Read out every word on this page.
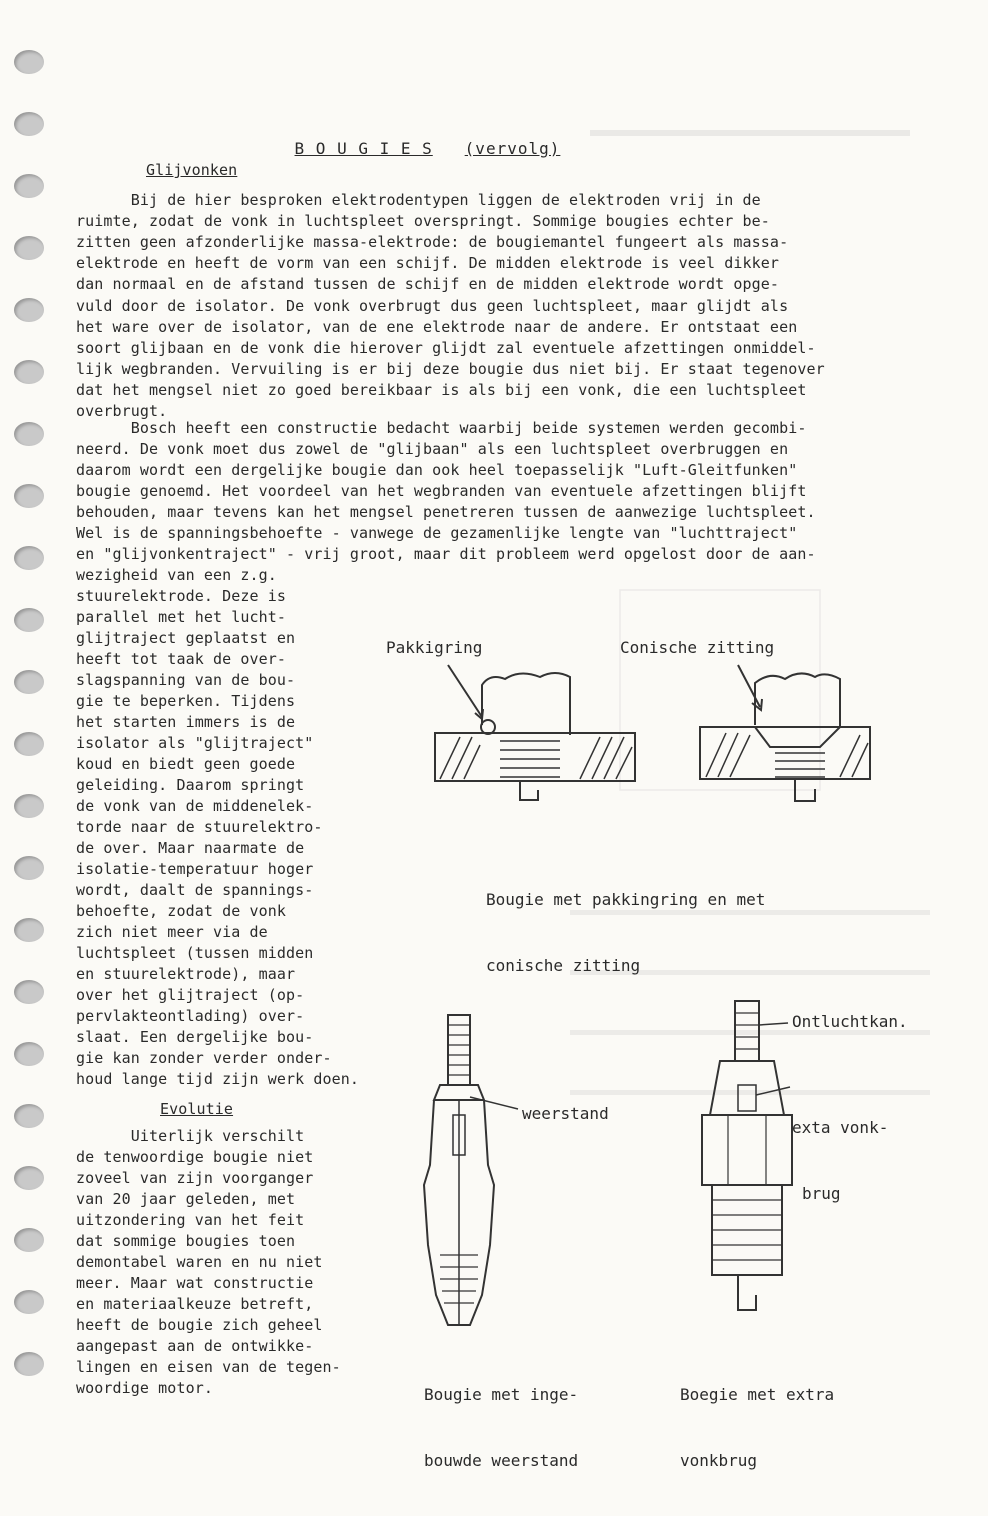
B O U G I E S (vervolg)

Glijvonken
Bij de hier besproken elektrodentypen liggen de elektroden vrij in de
ruimte, zodat de vonk in luchtspleet overspringt. Sommige bougies echter be-
zitten geen afzonderlijke massa-elektrode: de bougiemantel fungeert als massa-
elektrode en heeft de vorm van een schijf. De midden elektrode is veel dikker
dan normaal en de afstand tussen de schijf en de midden elektrode wordt opge-
vuld door de isolator. De vonk overbrugt dus geen luchtspleet, maar glijdt als
het ware over de isolator, van de ene elektrode naar de andere. Er ontstaat een
soort glijbaan en de vonk die hierover glijdt zal eventuele afzettingen onmiddel-
lijk wegbranden. Vervuiling is er bij deze bougie dus niet bij. Er staat tegenover
dat het mengsel niet zo goed bereikbaar is als bij een vonk, die een luchtspleet
overbrugt.
Bosch heeft een constructie bedacht waarbij beide systemen werden gecombi-
neerd. De vonk moet dus zowel de "glijbaan" als een luchtspleet overbruggen en
daarom wordt een dergelijke bougie dan ook heel toepasselijk "Luft-Gleitfunken"
bougie genoemd. Het voordeel van het wegbranden van eventuele afzettingen blijft
behouden, maar tevens kan het mengsel penetreren tussen de aanwezige luchtspleet.
Wel is de spanningsbehoefte - vanwege de gezamenlijke lengte van "luchttraject"
en "glijvonkentraject" - vrij groot, maar dit probleem werd opgelost door de aan-
wezigheid van een z.g.
stuurelektrode. Deze is
parallel met het lucht-
glijtraject geplaatst en
heeft tot taak de over-
slagspanning van de bou-
gie te beperken. Tijdens
het starten immers is de
isolator als "glijtraject"
koud en biedt geen goede
geleiding. Daarom springt
de vonk van de middenelek-
torde naar de stuurelektro-
de over. Maar naarmate de
isolatie-temperatuur hoger
wordt, daalt de spannings-
behoefte, zodat de vonk
zich niet meer via de
luchtspleet (tussen midden
en stuurelektrode), maar
over het glijtraject (op-
pervlakteontlading) over-
slaat. Een dergelijke bou-
gie kan zonder verder onder-
houd lange tijd zijn werk doen.
Evolutie
Uiterlijk verschilt
de tenwoordige bougie niet
zoveel van zijn voorganger
van 20 jaar geleden, met
uitzondering van het feit
dat sommige bougies toen
demontabel waren en nu niet
meer. Maar wat constructie
en materiaalkeuze betreft,
heeft de bougie zich geheel
aangepast aan de ontwikke-
lingen en eisen van de tegen-
woordige motor.
Pakkigring	Conische zitting

Bougie met pakkingring en met

conische zitting

weerstand
Ontluchtkan.

exta vonk-

brug

Bougie met inge-

bouwde weerstand

Boegie met extra

vonkbrug
